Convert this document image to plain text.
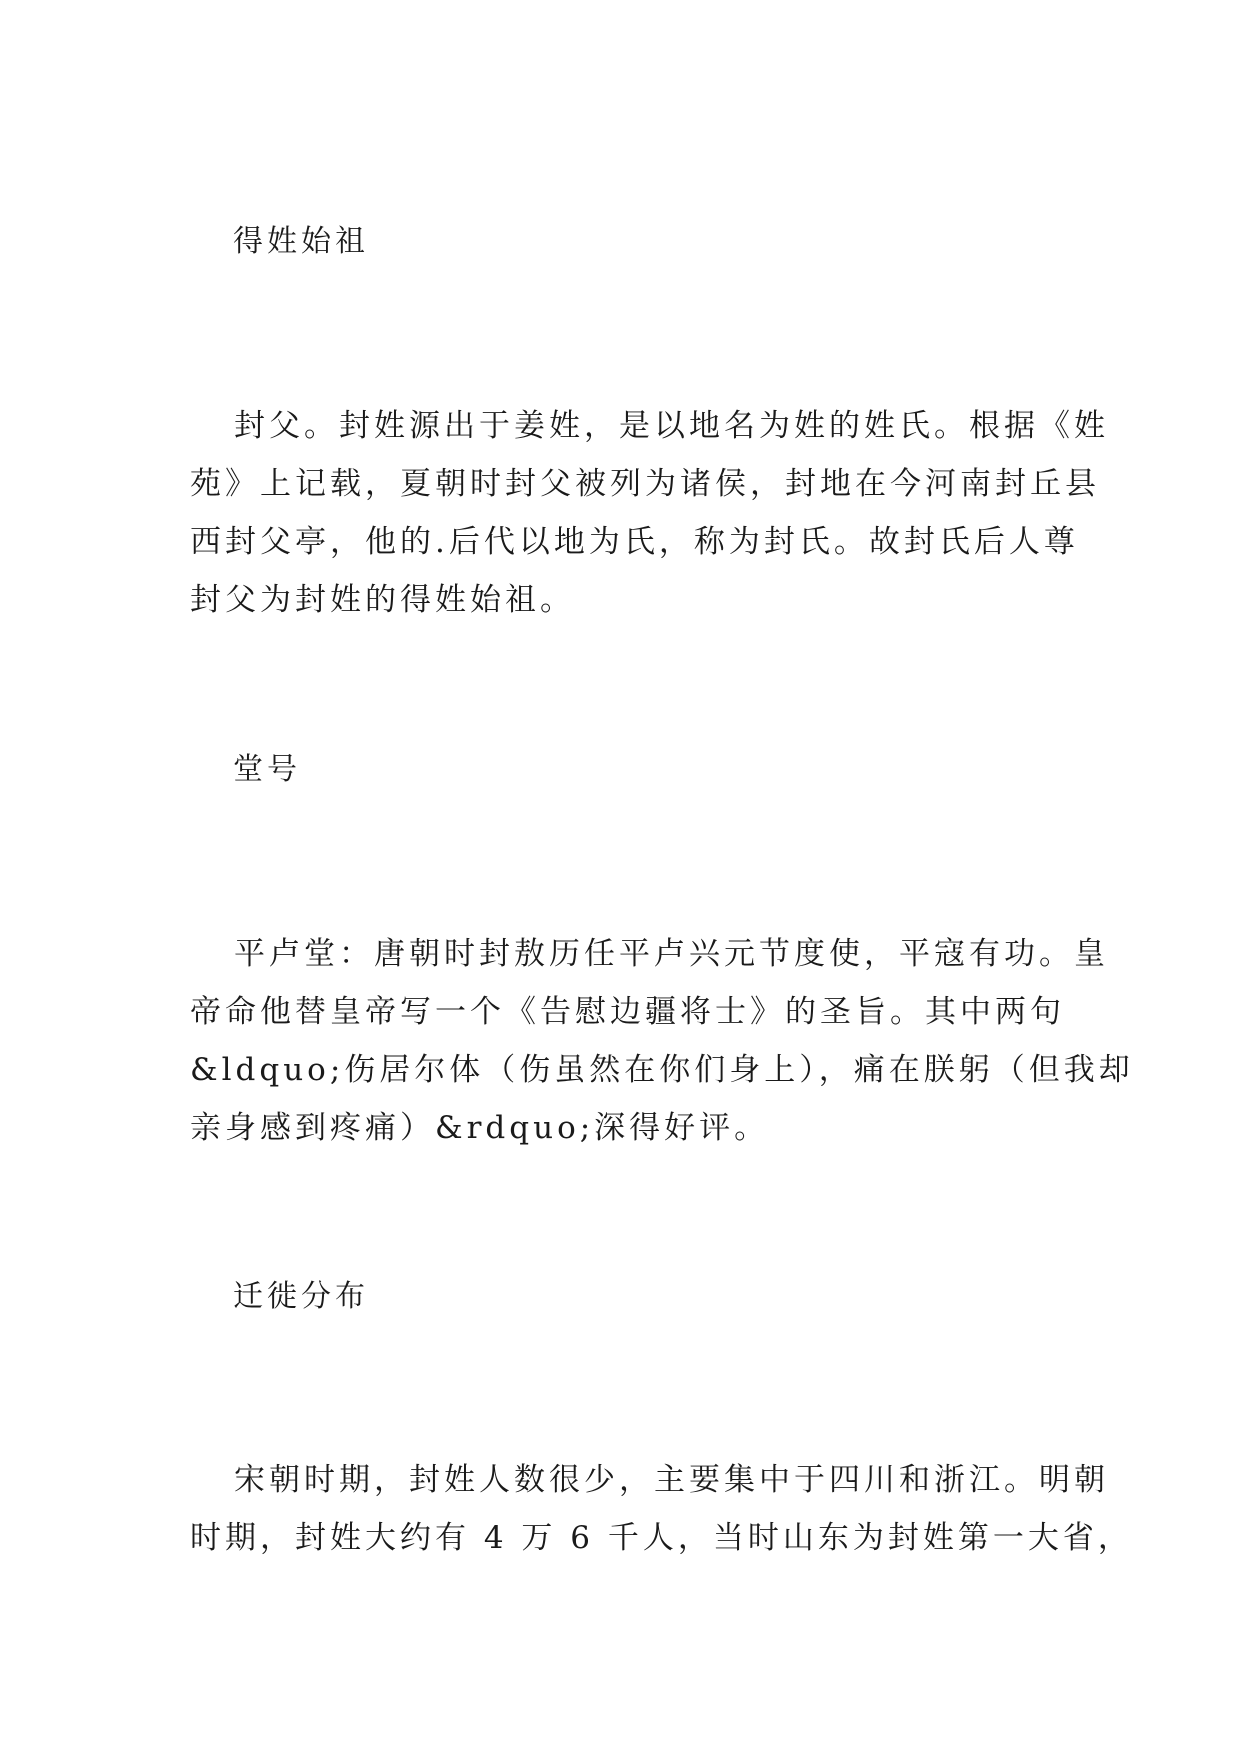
得姓始祖

封父。封姓源出于姜姓，是以地名为姓的姓氏。根据《姓
苑》上记载，夏朝时封父被列为诸侯，封地在今河南封丘县
西封父亭，他的.后代以地为氏，称为封氏。故封氏后人尊
封父为封姓的得姓始祖。

堂号

平卢堂：唐朝时封敖历任平卢兴元节度使，平寇有功。皇
帝命他替皇帝写一个《告慰边疆将士》的圣旨。其中两句
&ldquo;伤居尔体（伤虽然在你们身上），痛在朕躬（但我却
亲身感到疼痛）&rdquo;深得好评。

迁徙分布

宋朝时期，封姓人数很少，主要集中于四川和浙江。明朝
时期，封姓大约有 4 万 6 千人，当时山东为封姓第一大省，
